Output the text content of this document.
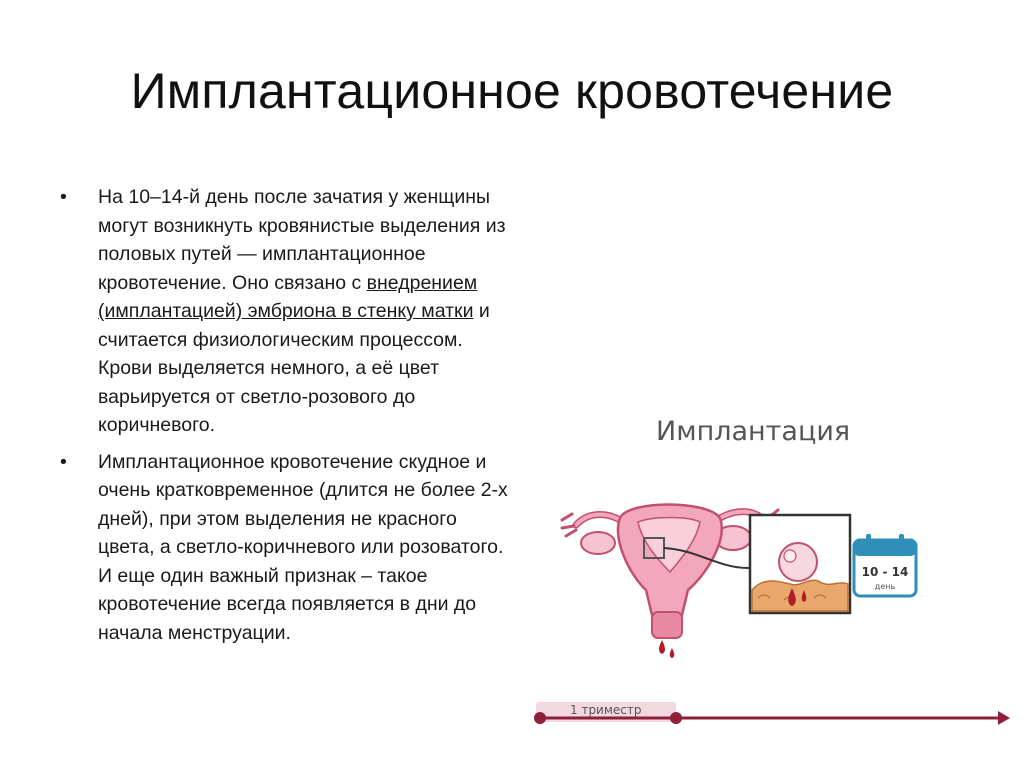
Имплантационное кровотечение
• На 10–14-й день после зачатия у женщины могут возникнуть кровянистые выделения из половых путей — имплантационное кровотечение. Оно связано с внедрением (имплантацией) эмбриона в стенку матки и считается физиологическим процессом. Крови выделяется немного, а её цвет варьируется от светло-розового до коричневого.
• Имплантационное кровотечение скудное и очень кратковременное (длится не более 2-х дней), при этом выделения не красного цвета, а светло-коричневого или розоватого. И еще один важный признак – такое кровотечение всегда появляется в дни до начала менструации.
Имплантация
10 - 14
день
1 триместр
